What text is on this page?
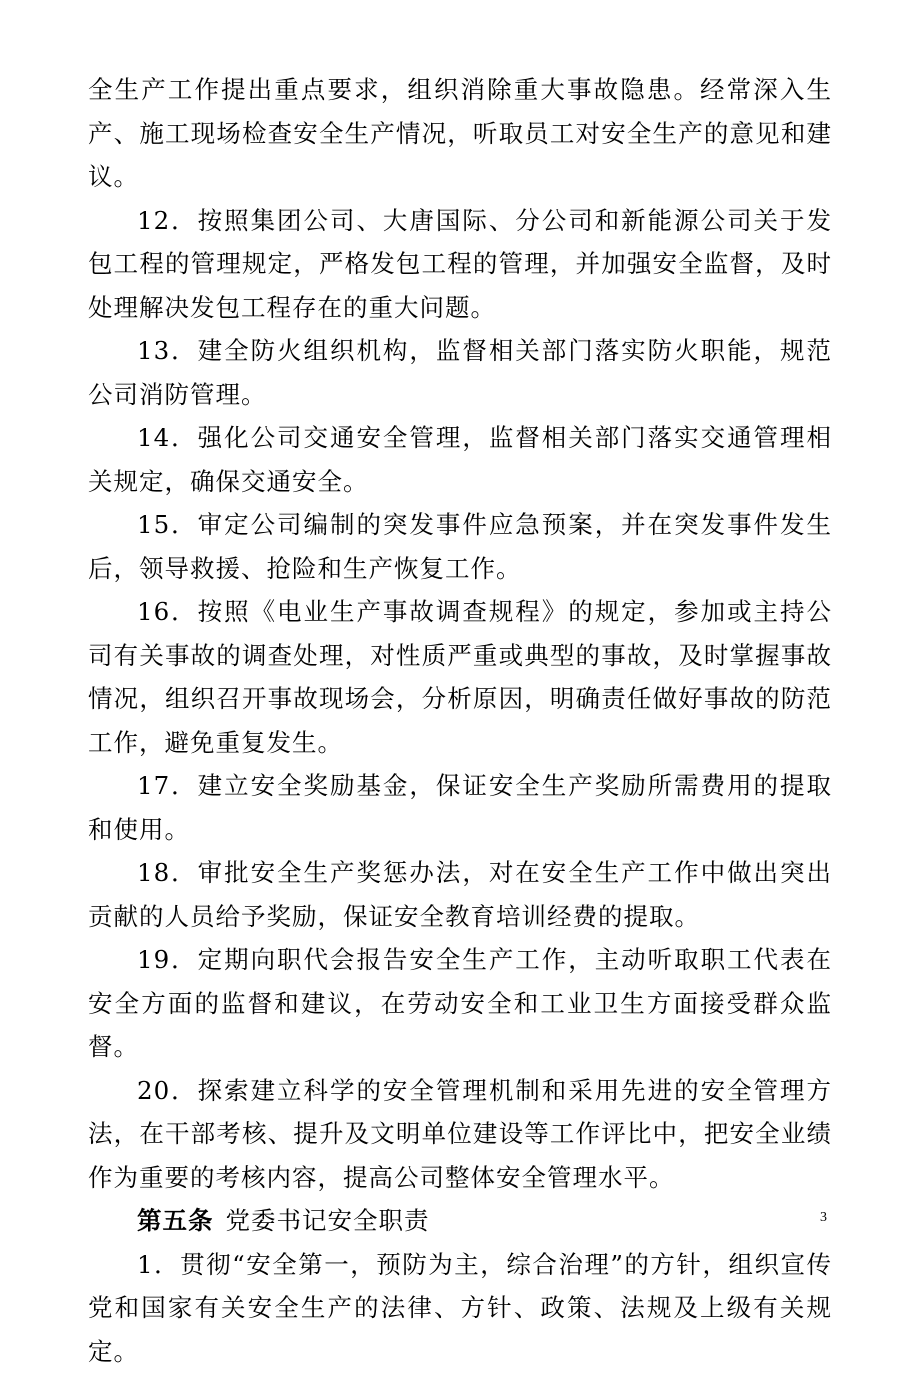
全生产工作提出重点要求，组织消除重大事故隐患。经常深入生产、施工现场检查安全生产情况，听取员工对安全生产的意见和建议。

12．按照集团公司、大唐国际、分公司和新能源公司关于发包工程的管理规定，严格发包工程的管理，并加强安全监督，及时处理解决发包工程存在的重大问题。

13．建全防火组织机构，监督相关部门落实防火职能，规范公司消防管理。

14．强化公司交通安全管理，监督相关部门落实交通管理相关规定，确保交通安全。

15．审定公司编制的突发事件应急预案，并在突发事件发生后，领导救援、抢险和生产恢复工作。

16．按照《电业生产事故调查规程》的规定，参加或主持公司有关事故的调查处理，对性质严重或典型的事故，及时掌握事故情况，组织召开事故现场会，分析原因，明确责任做好事故的防范工作，避免重复发生。

17．建立安全奖励基金，保证安全生产奖励所需费用的提取和使用。

18．审批安全生产奖惩办法，对在安全生产工作中做出突出贡献的人员给予奖励，保证安全教育培训经费的提取。

19．定期向职代会报告安全生产工作，主动听取职工代表在安全方面的监督和建议，在劳动安全和工业卫生方面接受群众监督。

20．探索建立科学的安全管理机制和采用先进的安全管理方法，在干部考核、提升及文明单位建设等工作评比中，把安全业绩作为重要的考核内容，提高公司整体安全管理水平。

第五条 党委书记安全职责

1．贯彻“安全第一，预防为主，综合治理”的方针，组织宣传党和国家有关安全生产的法律、方针、政策、法规及上级有关规定。

3
